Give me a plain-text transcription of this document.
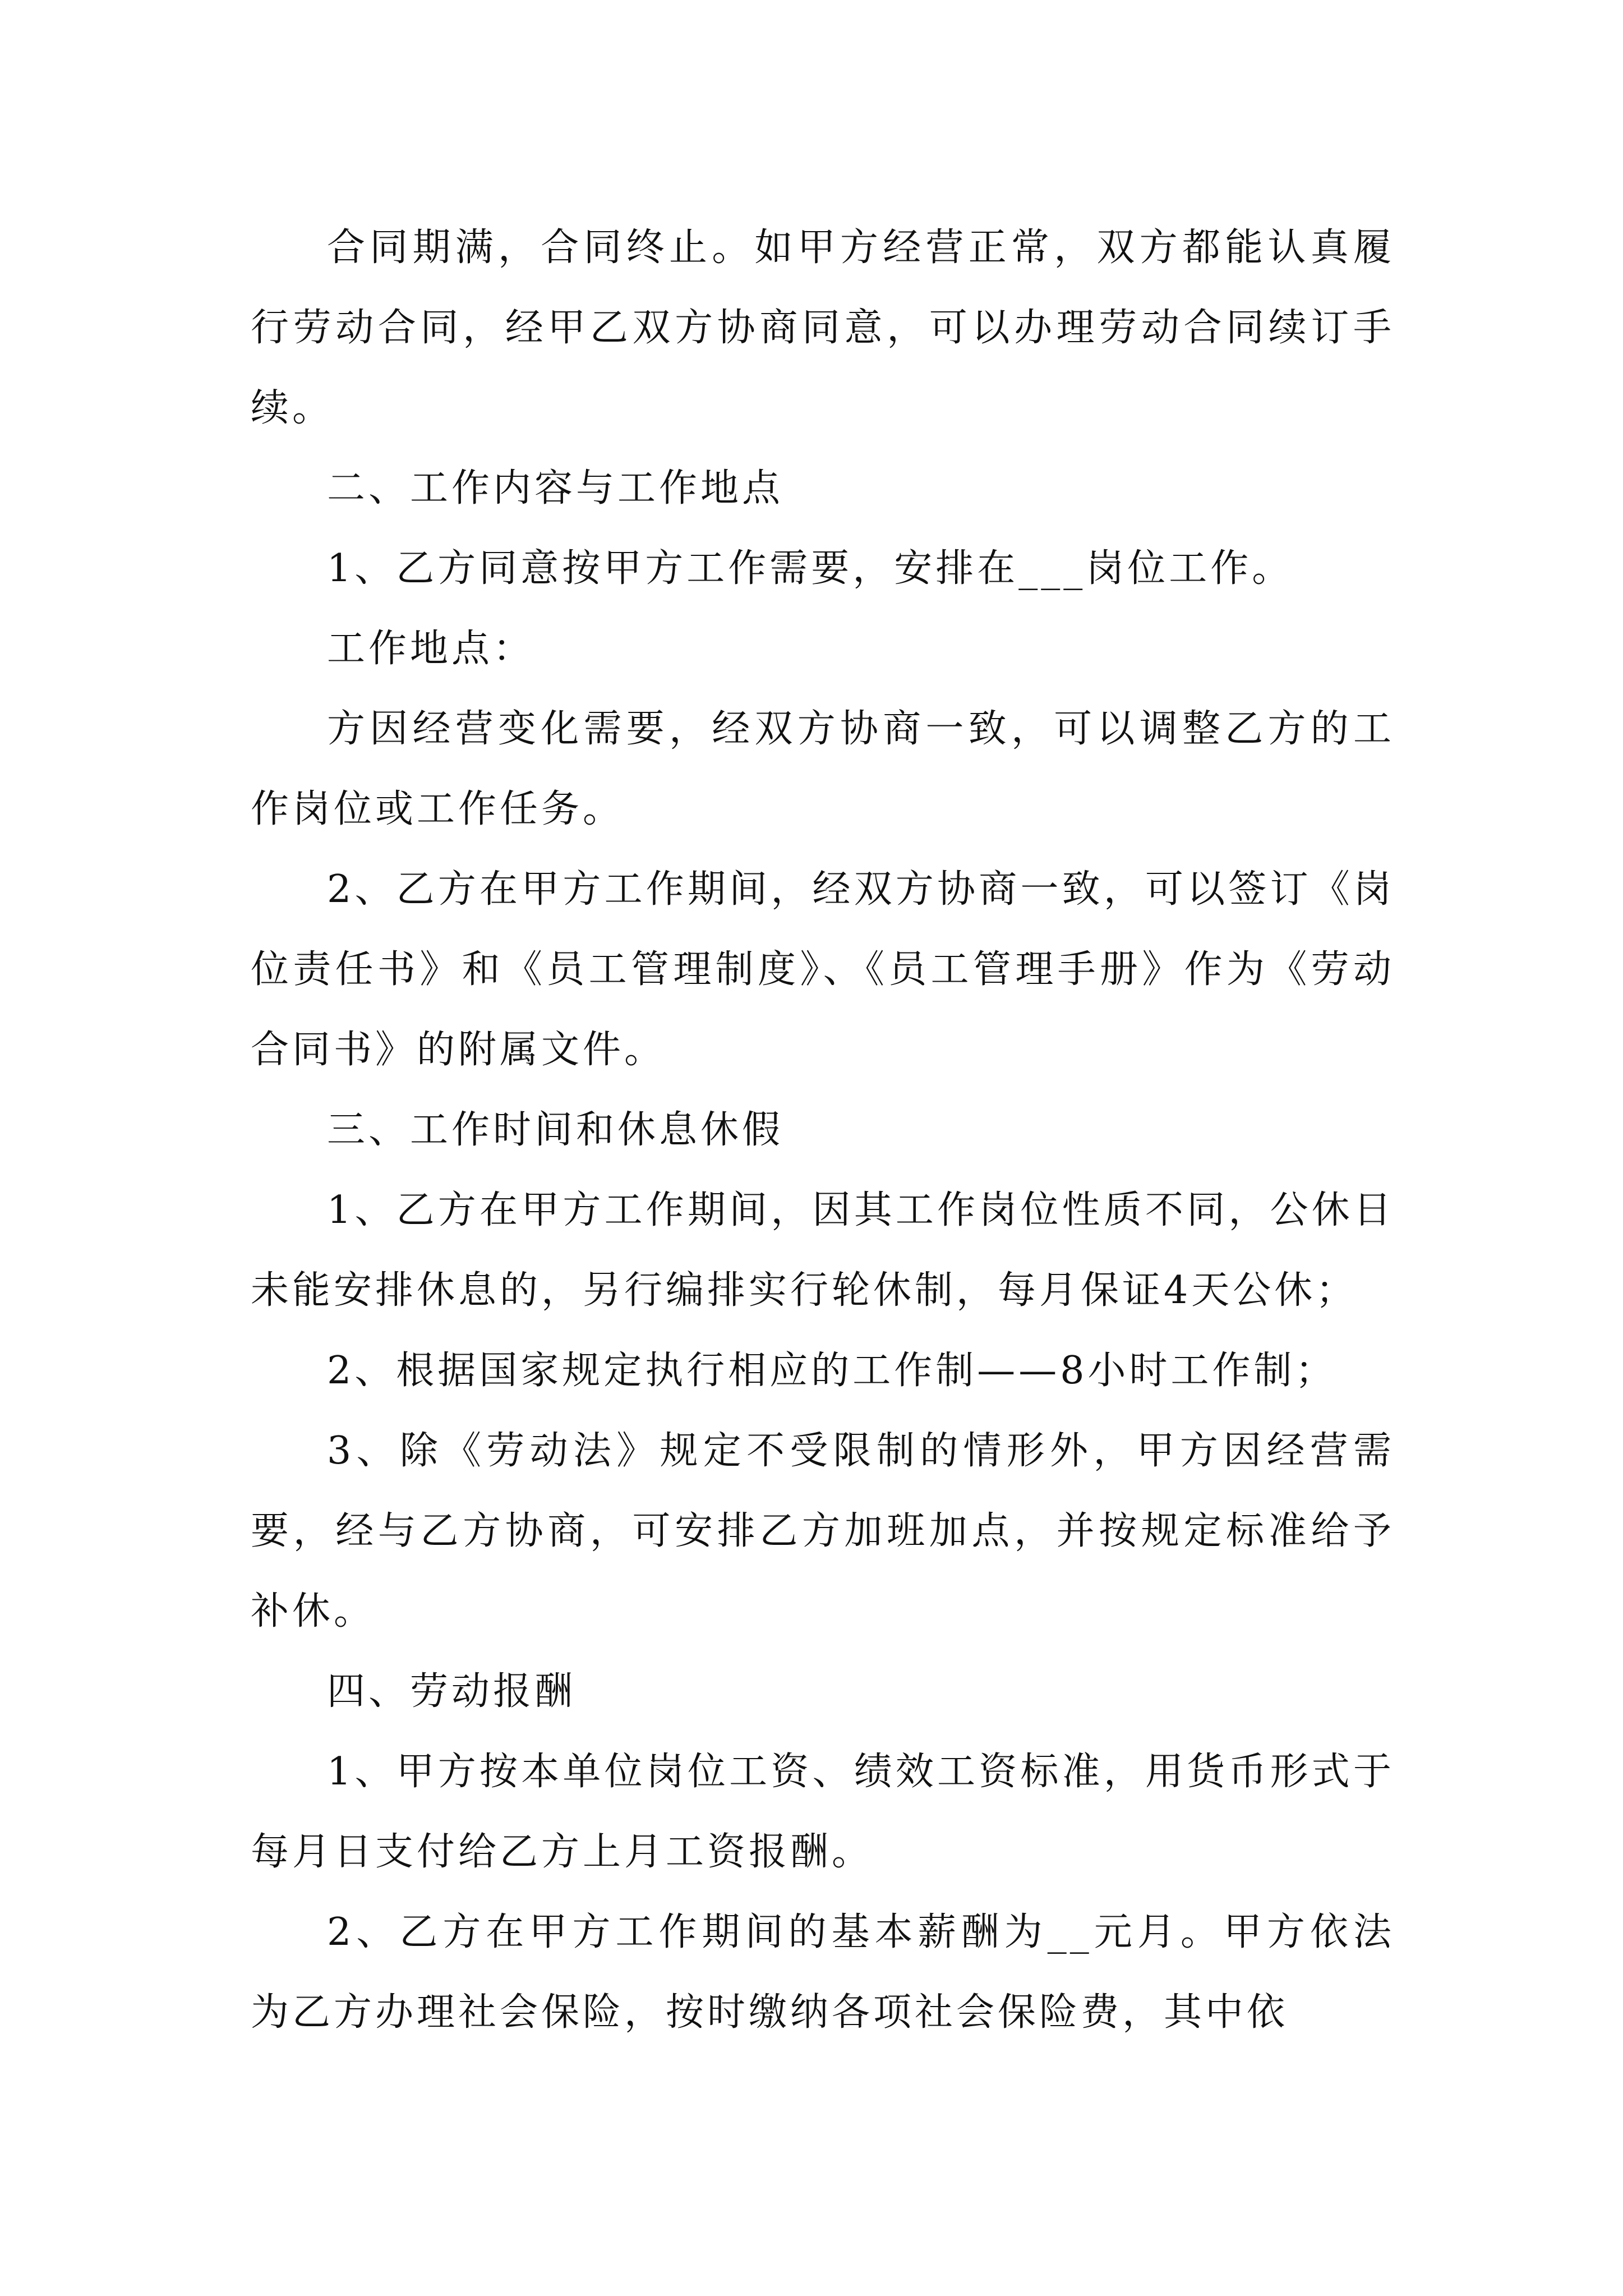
合同期满，合同终止。如甲方经营正常，双方都能认真履行劳动合同，经甲乙双方协商同意，可以办理劳动合同续订手续。

二、工作内容与工作地点

1、乙方同意按甲方工作需要，安排在___岗位工作。

工作地点：

方因经营变化需要，经双方协商一致，可以调整乙方的工作岗位或工作任务。

2、乙方在甲方工作期间，经双方协商一致，可以签订《岗位责任书》和《员工管理制度》、《员工管理手册》作为《劳动合同书》的附属文件。

三、工作时间和休息休假

1、乙方在甲方工作期间，因其工作岗位性质不同，公休日未能安排休息的，另行编排实行轮休制，每月保证4天公休；

2、根据国家规定执行相应的工作制——8小时工作制；

3、除《劳动法》规定不受限制的情形外，甲方因经营需要，经与乙方协商，可安排乙方加班加点，并按规定标准给予补休。

四、劳动报酬

1、甲方按本单位岗位工资、绩效工资标准，用货币形式于每月日支付给乙方上月工资报酬。

2、乙方在甲方工作期间的基本薪酬为__元月。甲方依法为乙方办理社会保险，按时缴纳各项社会保险费，其中依
